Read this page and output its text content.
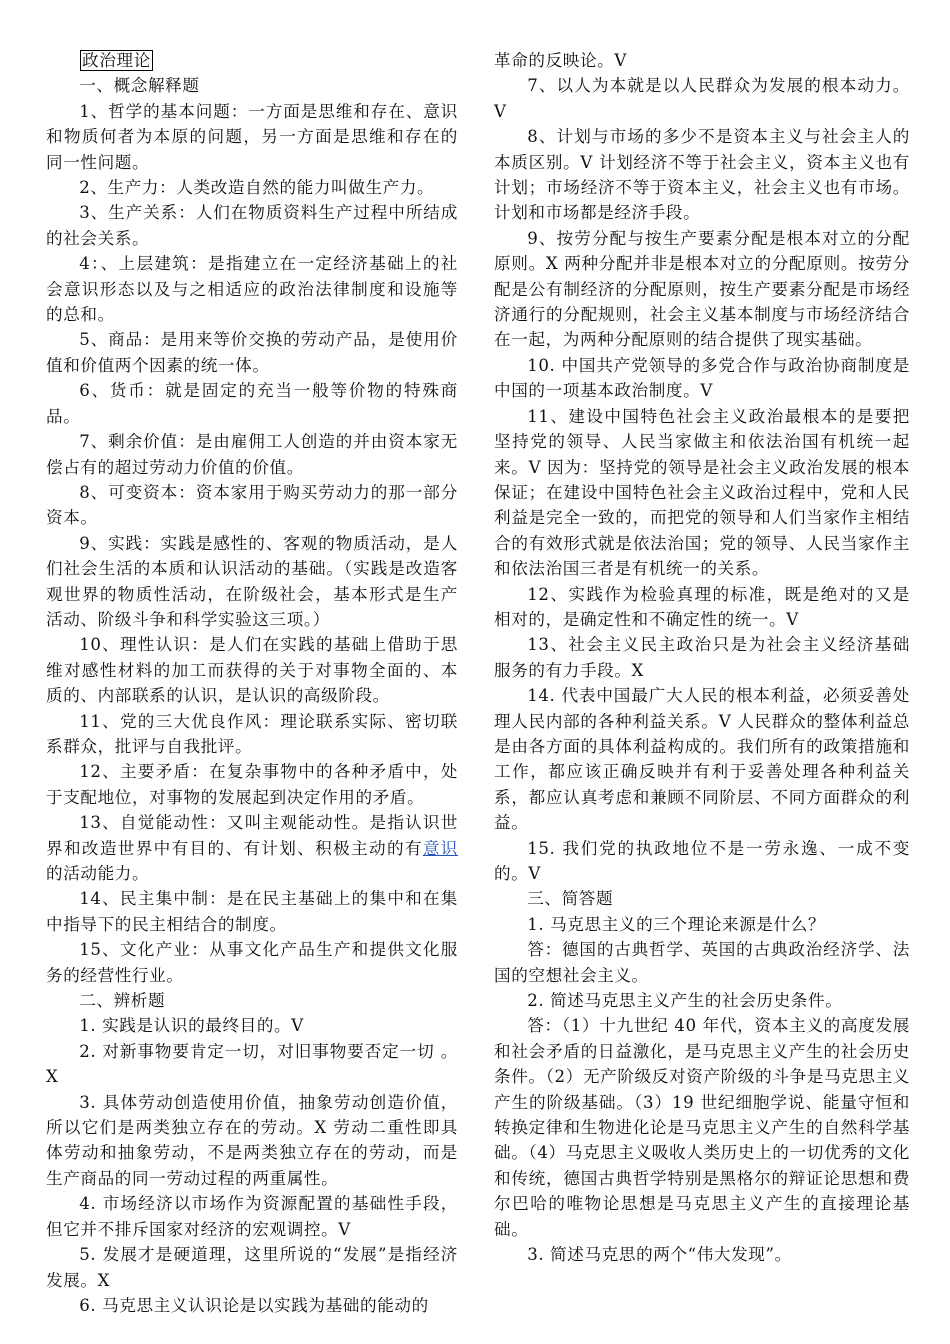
政治理论

一、概念解释题

1、哲学的基本问题：一方面是思维和存在、意识和物质何者为本原的问题，另一方面是思维和存在的同一性问题。

2、生产力：人类改造自然的能力叫做生产力。

3、生产关系：人们在物质资料生产过程中所结成的社会关系。

4：、上层建筑：是指建立在一定经济基础上的社会意识形态以及与之相适应的政治法律制度和设施等的总和。

5、商品：是用来等价交换的劳动产品，是使用价值和价值两个因素的统一体。

6、货币：就是固定的充当一般等价物的特殊商品。

7、剩余价值：是由雇佣工人创造的并由资本家无偿占有的超过劳动力价值的价值。

8、可变资本：资本家用于购买劳动力的那一部分资本。

9、实践：实践是感性的、客观的物质活动，是人们社会生活的本质和认识活动的基础。（实践是改造客观世界的物质性活动，在阶级社会，基本形式是生产活动、阶级斗争和科学实验这三项。）

10、理性认识：是人们在实践的基础上借助于思维对感性材料的加工而获得的关于对事物全面的、本质的、内部联系的认识，是认识的高级阶段。

11、党的三大优良作风：理论联系实际、密切联系群众，批评与自我批评。

12、主要矛盾：在复杂事物中的各种矛盾中，处于支配地位，对事物的发展起到决定作用的矛盾。

13、自觉能动性：又叫主观能动性。是指认识世界和改造世界中有目的、有计划、积极主动的有意识的活动能力。

14、民主集中制：是在民主基础上的集中和在集中指导下的民主相结合的制度。

15、文化产业：从事文化产品生产和提供文化服务的经营性行业。

二、辨析题

1. 实践是认识的最终目的。V

2. 对新事物要肯定一切，对旧事物要否定一切 。X

3. 具体劳动创造使用价值，抽象劳动创造价值，所以它们是两类独立存在的劳动。X 劳动二重性即具体劳动和抽象劳动，不是两类独立存在的劳动，而是生产商品的同一劳动过程的两重属性。

4. 市场经济以市场作为资源配置的基础性手段，但它并不排斥国家对经济的宏观调控。V

5. 发展才是硬道理，这里所说的“发展”是指经济发展。X

6. 马克思主义认识论是以实践为基础的能动的

革命的反映论。V

7、以人为本就是以人民群众为发展的根本动力。V

8、计划与市场的多少不是资本主义与社会主人的本质区别。V 计划经济不等于社会主义，资本主义也有计划；市场经济不等于资本主义，社会主义也有市场。计划和市场都是经济手段。

9、按劳分配与按生产要素分配是根本对立的分配原则。X 两种分配并非是根本对立的分配原则。按劳分配是公有制经济的分配原则，按生产要素分配是市场经济通行的分配规则，社会主义基本制度与市场经济结合在一起，为两种分配原则的结合提供了现实基础。

10. 中国共产党领导的多党合作与政治协商制度是中国的一项基本政治制度。V

11、建设中国特色社会主义政治最根本的是要把坚持党的领导、人民当家做主和依法治国有机统一起来。V 因为：坚持党的领导是社会主义政治发展的根本保证；在建设中国特色社会主义政治过程中，党和人民利益是完全一致的，而把党的领导和人们当家作主相结合的有效形式就是依法治国；党的领导、人民当家作主和依法治国三者是有机统一的关系。

12、实践作为检验真理的标准，既是绝对的又是相对的，是确定性和不确定性的统一。V

13、社会主义民主政治只是为社会主义经济基础服务的有力手段。X

14. 代表中国最广大人民的根本利益，必须妥善处理人民内部的各种利益关系。V 人民群众的整体利益总是由各方面的具体利益构成的。我们所有的政策措施和工作，都应该正确反映并有利于妥善处理各种利益关系，都应认真考虑和兼顾不同阶层、不同方面群众的利益。

15. 我们党的执政地位不是一劳永逸、一成不变的。V

三、简答题

1. 马克思主义的三个理论来源是什么？

答：德国的古典哲学、英国的古典政治经济学、法国的空想社会主义。

2. 简述马克思主义产生的社会历史条件。

答：（1）十九世纪 40 年代，资本主义的高度发展和社会矛盾的日益激化，是马克思主义产生的社会历史条件。（2）无产阶级反对资产阶级的斗争是马克思主义产生的阶级基础。（3）19 世纪细胞学说、能量守恒和转换定律和生物进化论是马克思主义产生的自然科学基础。（4）马克思主义吸收人类历史上的一切优秀的文化和传统，德国古典哲学特别是黑格尔的辩证论思想和费尔巴哈的唯物论思想是马克思主义产生的直接理论基础。

3. 简述马克思的两个“伟大发现”。
